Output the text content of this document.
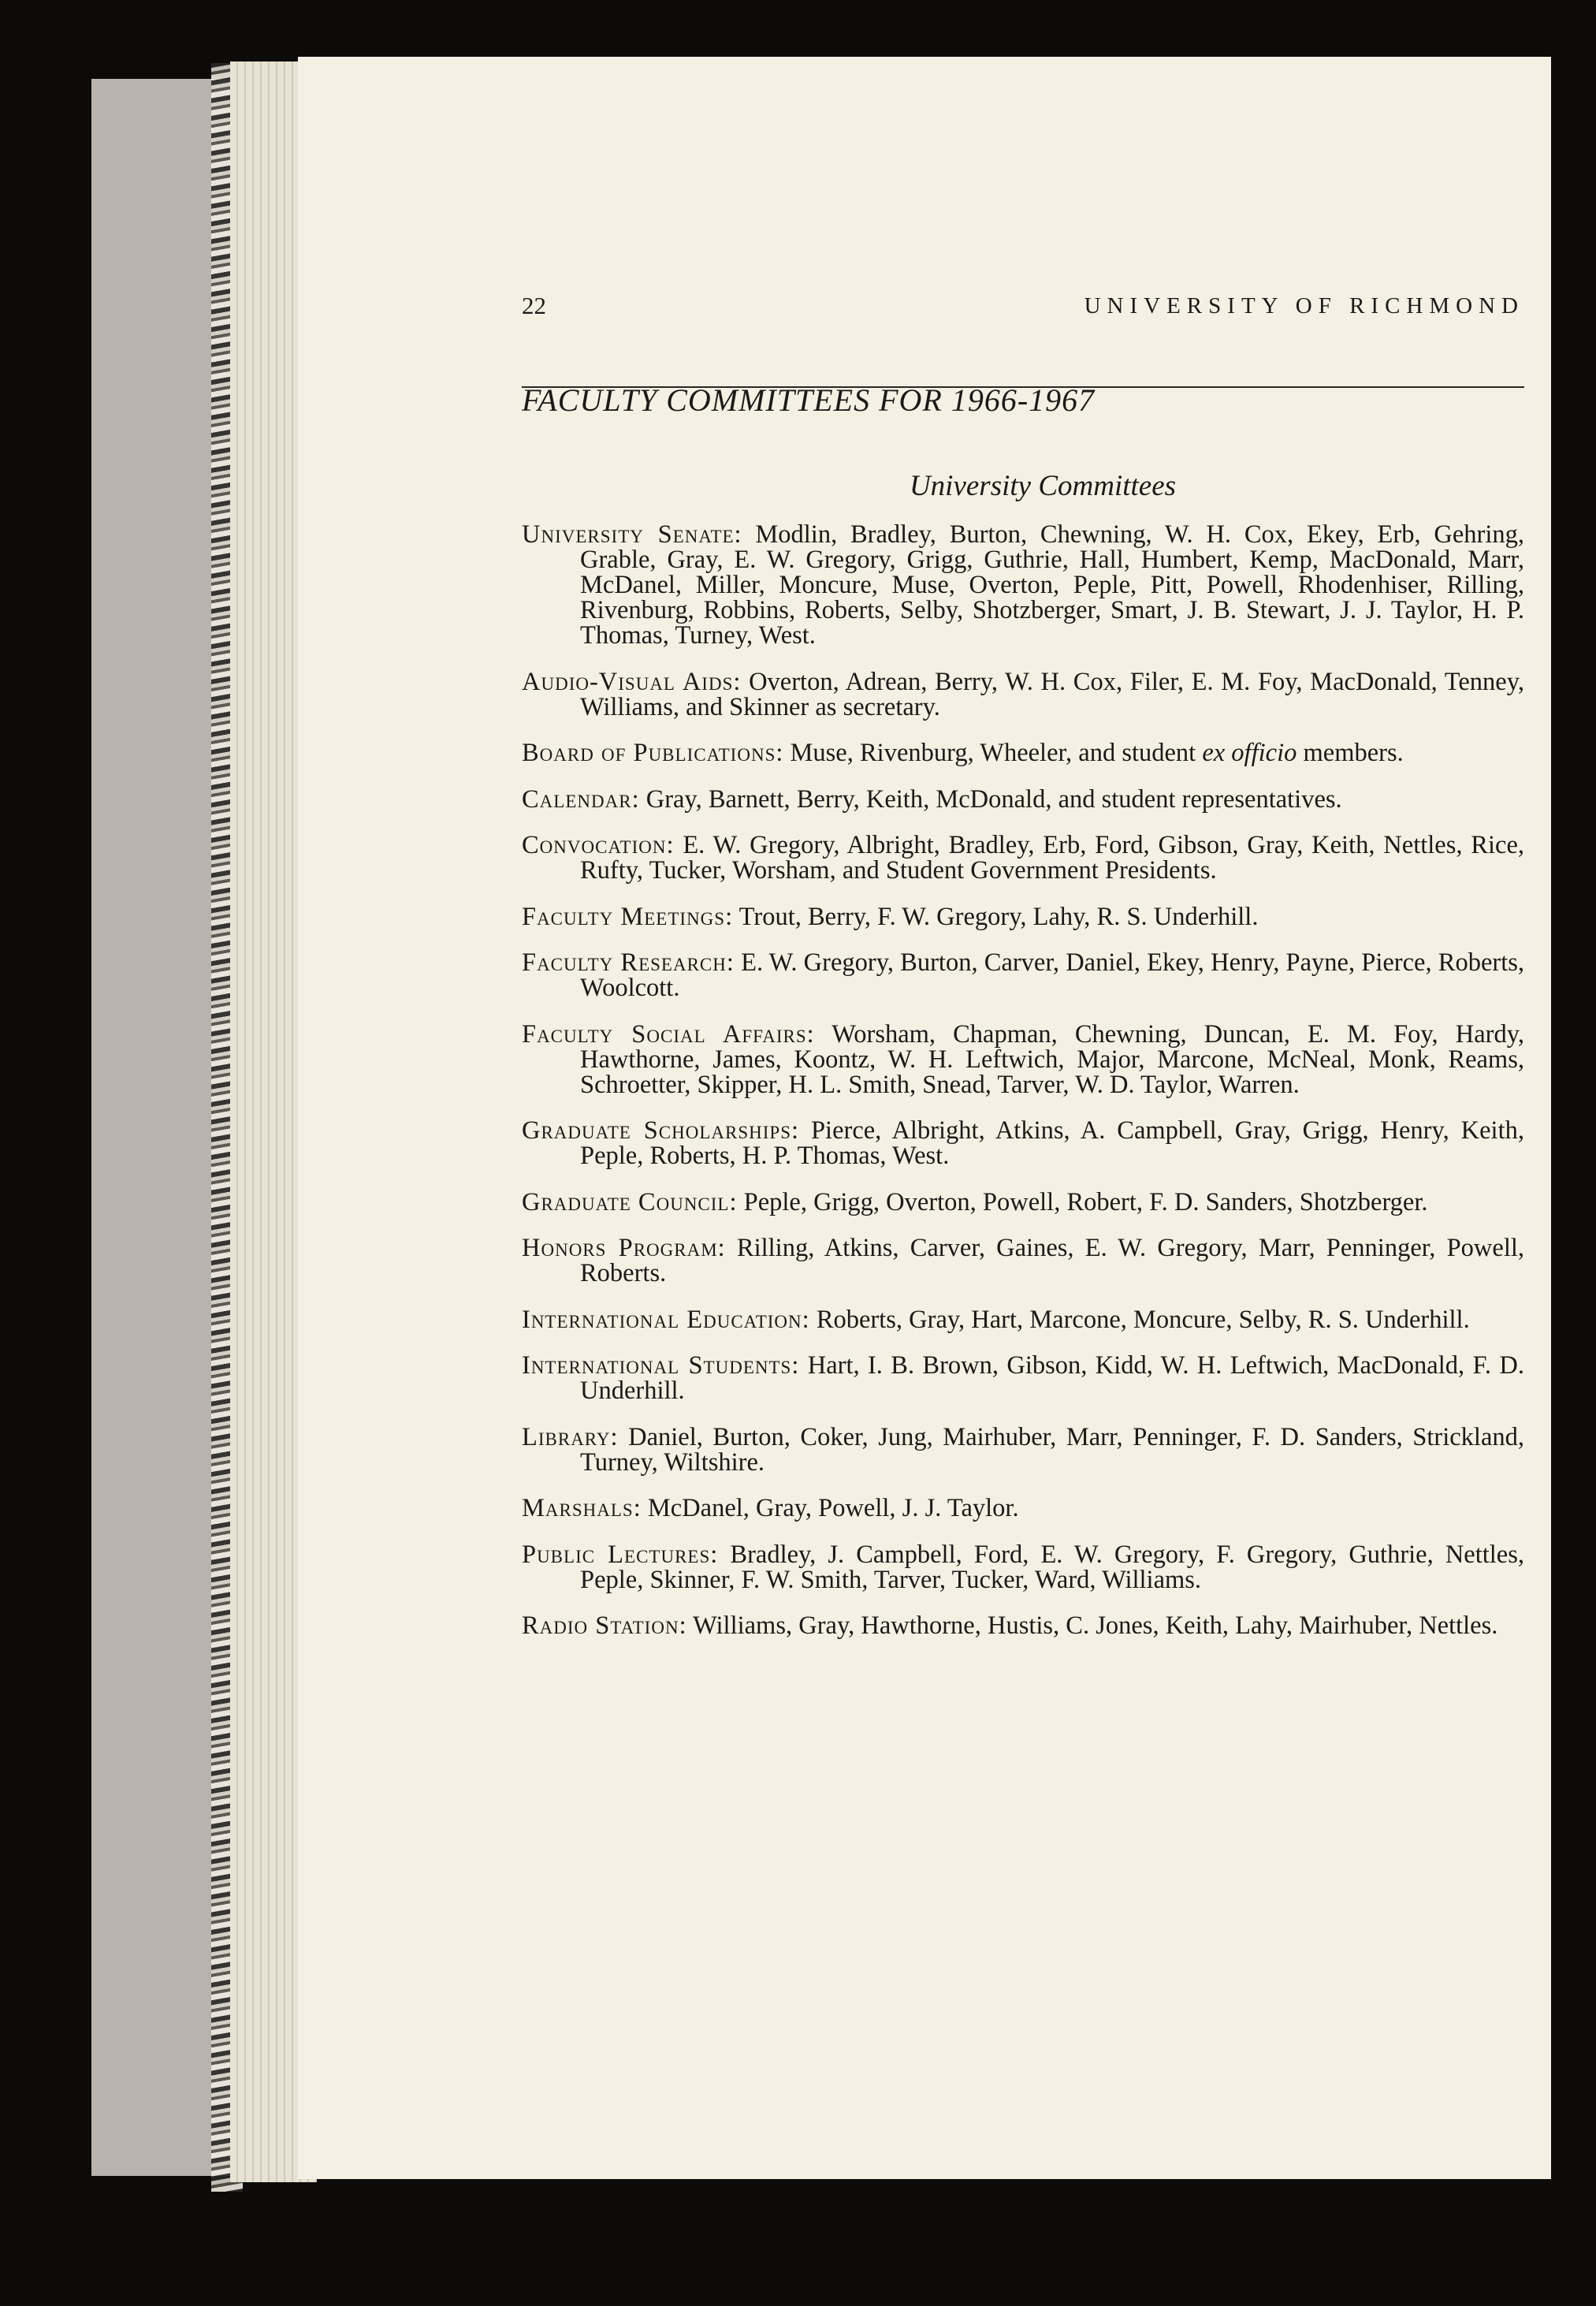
22	UNIVERSITY OF RICHMOND
FACULTY COMMITTEES FOR 1966-1967
University Committees

University Senate : Modlin, Bradley, Burton, Chewning, W. H. Cox, Ekey, Erb, Gehring, Grable, Gray, E. W. Gregory, Grigg, Guthrie, Hall, Humbert, Kemp, MacDonald, Marr, McDanel, Miller, Moncure, Muse, Overton, Peple, Pitt, Powell, Rhodenhiser, Rilling, Rivenburg, Robbins, Roberts, Selby, Shotzberger, Smart, J. B. Stewart, J. J. Taylor, H. P. Thomas, Turney, West.

Audio-Visual Aids : Overton, Adrean, Berry, W. H. Cox, Filer, E. M. Foy, MacDonald, Tenney, Williams, and Skinner as secretary.

Board of Publications : Muse, Rivenburg, Wheeler, and student ex officio members.

Calendar : Gray, Barnett, Berry, Keith, McDonald, and student representatives.

Convocation : E. W. Gregory, Albright, Bradley, Erb, Ford, Gibson, Gray, Keith, Nettles, Rice, Rufty, Tucker, Worsham, and Student Government Presidents.

Faculty Meetings : Trout, Berry, F. W. Gregory, Lahy, R. S. Underhill.

Faculty Research : E. W. Gregory, Burton, Carver, Daniel, Ekey, Henry, Payne, Pierce, Roberts, Woolcott.

Faculty Social Affairs : Worsham, Chapman, Chewning, Duncan, E. M. Foy, Hardy, Hawthorne, James, Koontz, W. H. Leftwich, Major, Marcone, McNeal, Monk, Reams, Schroetter, Skipper, H. L. Smith, Snead, Tarver, W. D. Taylor, Warren.

Graduate Scholarships : Pierce, Albright, Atkins, A. Campbell, Gray, Grigg, Henry, Keith, Peple, Roberts, H. P. Thomas, West.

Graduate Council : Peple, Grigg, Overton, Powell, Robert, F. D. Sanders, Shotzberger.

Honors Program : Rilling, Atkins, Carver, Gaines, E. W. Gregory, Marr, Penninger, Powell, Roberts.

International Education : Roberts, Gray, Hart, Marcone, Moncure, Selby, R. S. Underhill.

International Students : Hart, I. B. Brown, Gibson, Kidd, W. H. Leftwich, MacDonald, F. D. Underhill.

Library : Daniel, Burton, Coker, Jung, Mairhuber, Marr, Penninger, F. D. Sanders, Strickland, Turney, Wiltshire.

Marshals : McDanel, Gray, Powell, J. J. Taylor.

Public Lectures : Bradley, J. Campbell, Ford, E. W. Gregory, F. Gregory, Guthrie, Nettles, Peple, Skinner, F. W. Smith, Tarver, Tucker, Ward, Williams.

Radio Station : Williams, Gray, Hawthorne, Hustis, C. Jones, Keith, Lahy, Mairhuber, Nettles.
